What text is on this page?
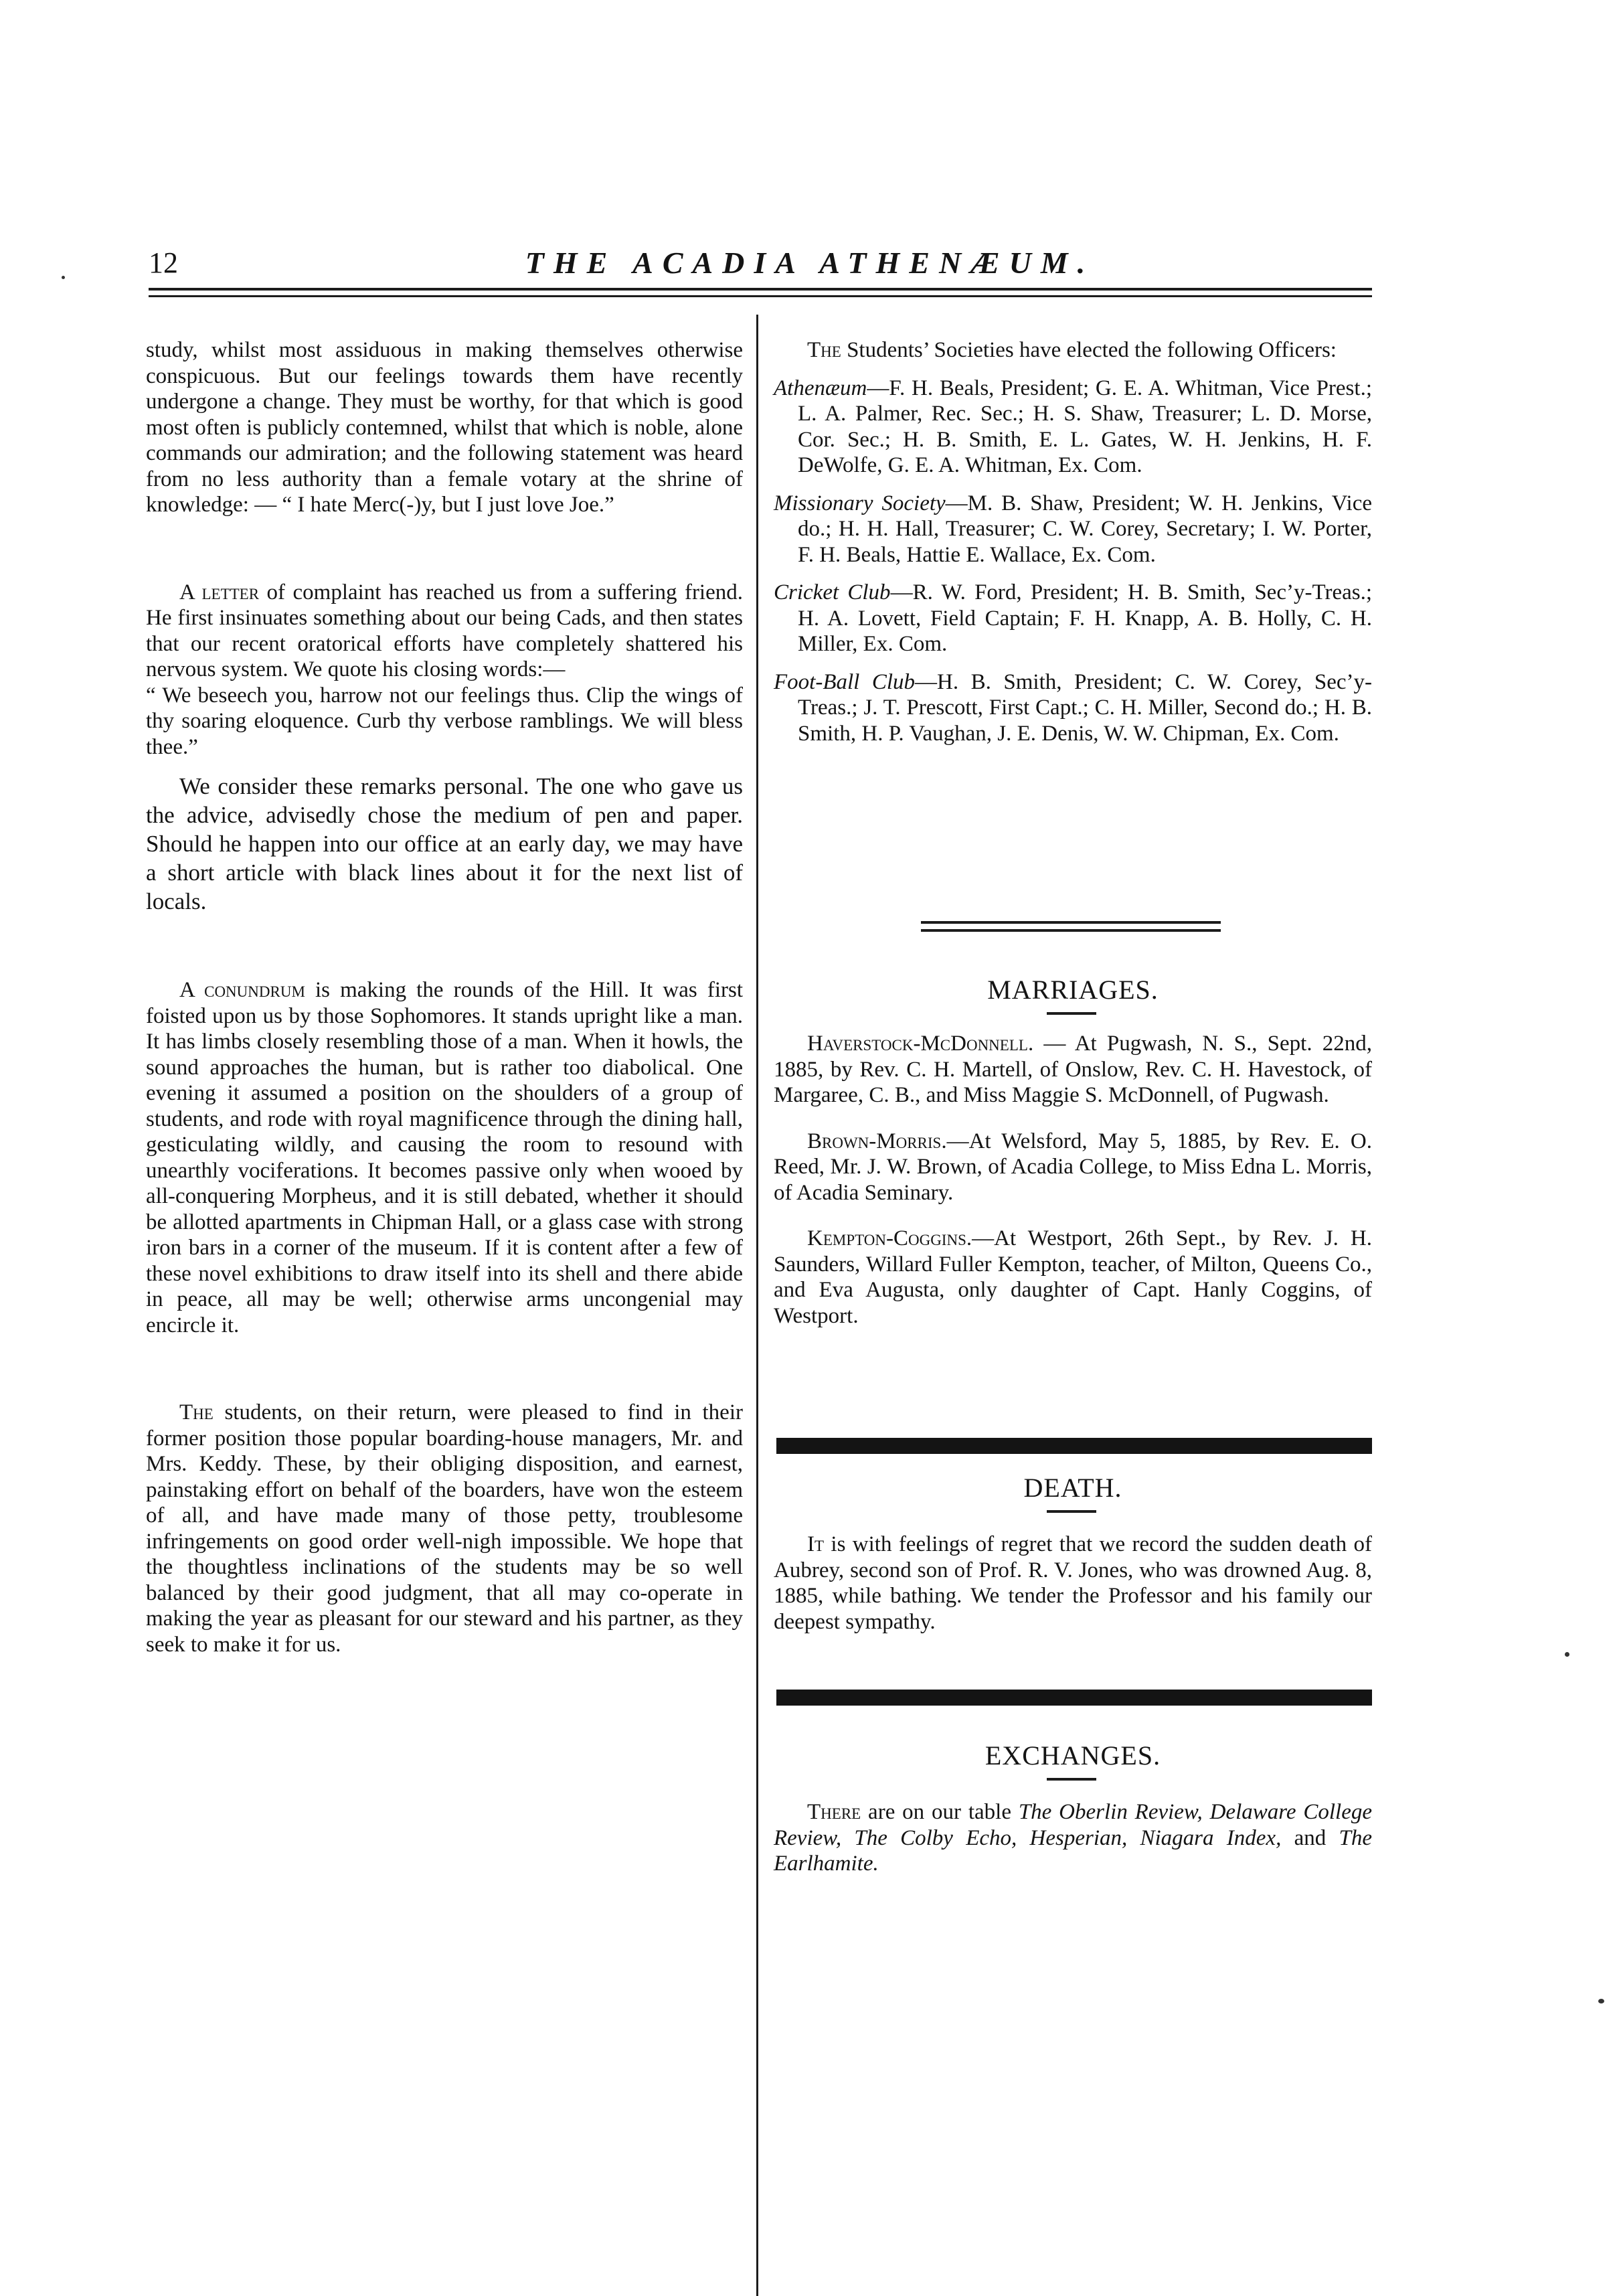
12	THE ACADIA ATHENÆUM.

study, whilst most assiduous in making themselves otherwise conspicuous. But our feelings towards them have recently undergone a change. They must be worthy, for that which is good most often is publicly contemned, whilst that which is noble, alone commands our admiration; and the following statement was heard from no less authority than a female votary at the shrine of knowledge: — “ I hate Merc(-)y, but I just love Joe.”

A letter of complaint has reached us from a suffering friend. He first insinuates something about our being Cads, and then states that our recent oratorical efforts have completely shattered his nervous system. We quote his closing words:—

“ We beseech you, harrow not our feelings thus. Clip the wings of thy soaring eloquence. Curb thy verbose ramblings. We will bless thee.”

We consider these remarks personal. The one who gave us the advice, advisedly chose the medium of pen and paper. Should he happen into our office at an early day, we may have a short article with black lines about it for the next list of locals.

A conundrum is making the rounds of the Hill. It was first foisted upon us by those Sophomores. It stands upright like a man. It has limbs closely resembling those of a man. When it howls, the sound approaches the human, but is rather too diabolical. One evening it assumed a position on the shoulders of a group of students, and rode with royal magnificence through the dining hall, gesticulating wildly, and causing the room to resound with unearthly vociferations. It becomes passive only when wooed by all-conquering Morpheus, and it is still debated, whether it should be allotted apartments in Chipman Hall, or a glass case with strong iron bars in a corner of the museum. If it is content after a few of these novel exhibitions to draw itself into its shell and there abide in peace, all may be well; otherwise arms uncongenial may encircle it.

The students, on their return, were pleased to find in their former position those popular boarding-house managers, Mr. and Mrs. Keddy. These, by their obliging disposition, and earnest, painstaking effort on behalf of the boarders, have won the esteem of all, and have made many of those petty, troublesome infringements on good order well-nigh impossible. We hope that the thoughtless inclinations of the students may be so well balanced by their good judgment, that all may co-operate in making the year as pleasant for our steward and his partner, as they seek to make it for us.

The Students’ Societies have elected the following Officers:

Athenæum—F. H. Beals, President; G. E. A. Whitman, Vice Prest.; L. A. Palmer, Rec. Sec.; H. S. Shaw, Treasurer; L. D. Morse, Cor. Sec.; H. B. Smith, E. L. Gates, W. H. Jenkins, H. F. DeWolfe, G. E. A. Whitman, Ex. Com.

Missionary Society—M. B. Shaw, President; W. H. Jenkins, Vice do.; H. H. Hall, Treasurer; C. W. Corey, Secretary; I. W. Porter, F. H. Beals, Hattie E. Wallace, Ex. Com.

Cricket Club—R. W. Ford, President; H. B. Smith, Sec’y-Treas.; H. A. Lovett, Field Captain; F. H. Knapp, A. B. Holly, C. H. Miller, Ex. Com.

Foot-Ball Club—H. B. Smith, President; C. W. Corey, Sec’y-Treas.; J. T. Prescott, First Capt.; C. H. Miller, Second do.; H. B. Smith, H. P. Vaughan, J. E. Denis, W. W. Chipman, Ex. Com.

MARRIAGES.

Haverstock-McDonnell. — At Pugwash, N. S., Sept. 22nd, 1885, by Rev. C. H. Martell, of Onslow, Rev. C. H. Havestock, of Margaree, C. B., and Miss Maggie S. McDonnell, of Pugwash.

Brown-Morris.—At Welsford, May 5, 1885, by Rev. E. O. Reed, Mr. J. W. Brown, of Acadia College, to Miss Edna L. Morris, of Acadia Seminary.

Kempton-Coggins.—At Westport, 26th Sept., by Rev. J. H. Saunders, Willard Fuller Kempton, teacher, of Milton, Queens Co., and Eva Augusta, only daughter of Capt. Hanly Coggins, of Westport.

DEATH.

It is with feelings of regret that we record the sudden death of Aubrey, second son of Prof. R. V. Jones, who was drowned Aug. 8, 1885, while bathing. We tender the Professor and his family our deepest sympathy.

EXCHANGES.

There are on our table The Oberlin Review, Delaware College Review, The Colby Echo, Hesperian, Niagara Index, and The Earlhamite.
